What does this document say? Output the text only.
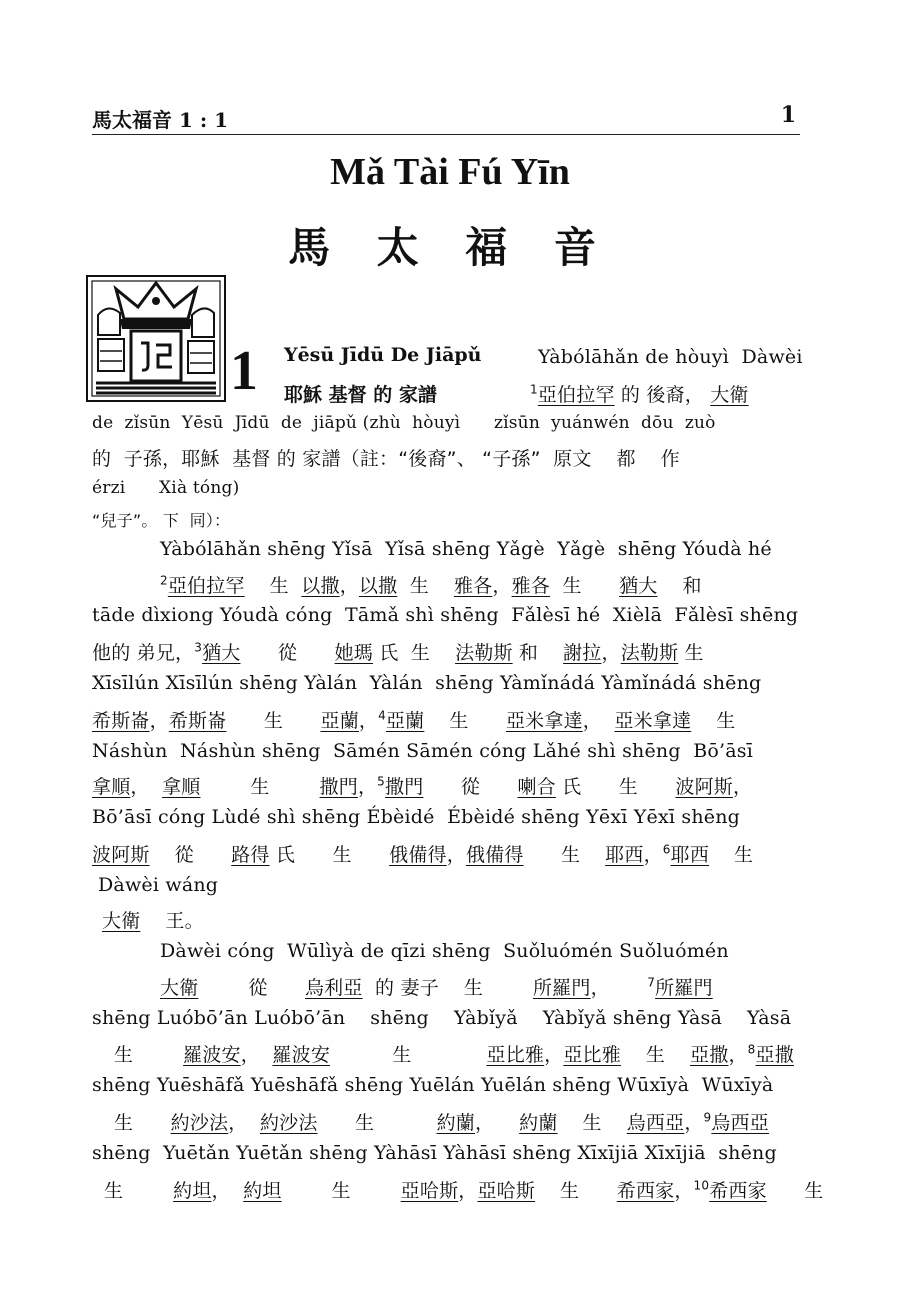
馬太福音 1 : 1	1
Mǎ Tài Fú Yīn
馬 太 福 音
1 Yēsū Jīdū De Jiāpǔ
耶穌 基督 的 家譜
Yàbólāhǎn de hòuyì  Dàwèi
$^1$亞伯拉罕 的 後裔， 大衛
de  zǐsūn  Yēsū  Jīdū  de  jiāpǔ (zhù  hòuyì      zǐsūn  yuánwén  dōu  zuò
的  子孫，耶穌  基督 的 家譜（註：“後裔”、 “子孫”  原文    都    作
érzi      Xià tóng)
“兒子”。 下  同）：
Yàbólāhǎn shēng Yǐsā  Yǐsā shēng Yǎgè  Yǎgè  shēng Yóudà hé
$^2$亞伯拉罕    生  以撒，以撒  生    雅各，雅各  生      猶大    和
tāde dìxiong Yóudà cóng  Tāmǎ shì shēng  Fǎlèsī hé  Xièlā  Fǎlèsī shēng
他的 弟兄，$^3$猶大      從      她瑪 氏  生    法勒斯 和    謝拉，法勒斯 生
Xīsīlún Xīsīlún shēng Yàlán  Yàlán  shēng Yàmǐnádá Yàmǐnádá shēng
希斯崙，希斯崙      生      亞蘭，$^4$亞蘭    生      亞米拿達，  亞米拿達    生
Náshùn  Náshùn shēng  Sāmén Sāmén cóng Lǎhé shì shēng  Bō’āsī
拿順，  拿順        生        撒門，$^5$撒門      從      喇合 氏      生      波阿斯，
Bō’āsī cóng Lùdé shì shēng Ébèidé  Ébèidé shēng Yēxī Yēxī shēng
波阿斯    從      路得 氏      生      俄備得，俄備得      生    耶西，$^6$耶西    生
Dàwèi wáng
大衛    王。
Dàwèi cóng  Wūlìyà de qīzi shēng  Suǒluómén Suǒluómén
大衛        從      烏利亞  的 妻子    生        所羅門，      $^7$所羅門
shēng Luóbō’ān Luóbō’ān    shēng    Yàbǐyǎ    Yàbǐyǎ shēng Yàsā    Yàsā
生        羅波安，  羅波安          生            亞比雅，亞比雅    生    亞撒，$^8$亞撒
shēng Yuēshāfǎ Yuēshāfǎ shēng Yuēlán Yuēlán shēng Wūxīyà  Wūxīyà
生      約沙法，  約沙法      生          約蘭，    約蘭    生    烏西亞，$^9$烏西亞
shēng  Yuētǎn Yuētǎn shēng Yàhāsī Yàhāsī shēng Xīxījiā Xīxījiā  shēng
生        約坦，  約坦        生        亞哈斯，亞哈斯    生      希西家，$^{10}$希西家      生
